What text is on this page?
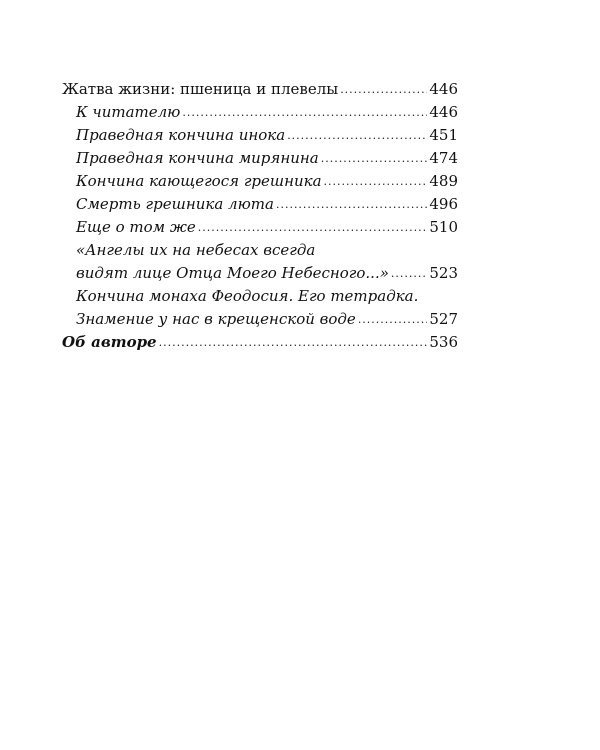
Жатва жизни: пшеница и плевелы .....	446
К читателю .....	446
Праведная кончина инока .....	451
Праведная кончина мирянина .....	474
Кончина кающегося грешника .....	489
Смерть грешника люта .....	496
Еще о том же .....	510
«Ангелы их на небесах всегда
видят лице Отца Моего Небесного...» .....	523
Кончина монаха Феодосия. Его тетрадка.
Знамение у нас в крещенской воде .....	527
Об авторе .....	536
